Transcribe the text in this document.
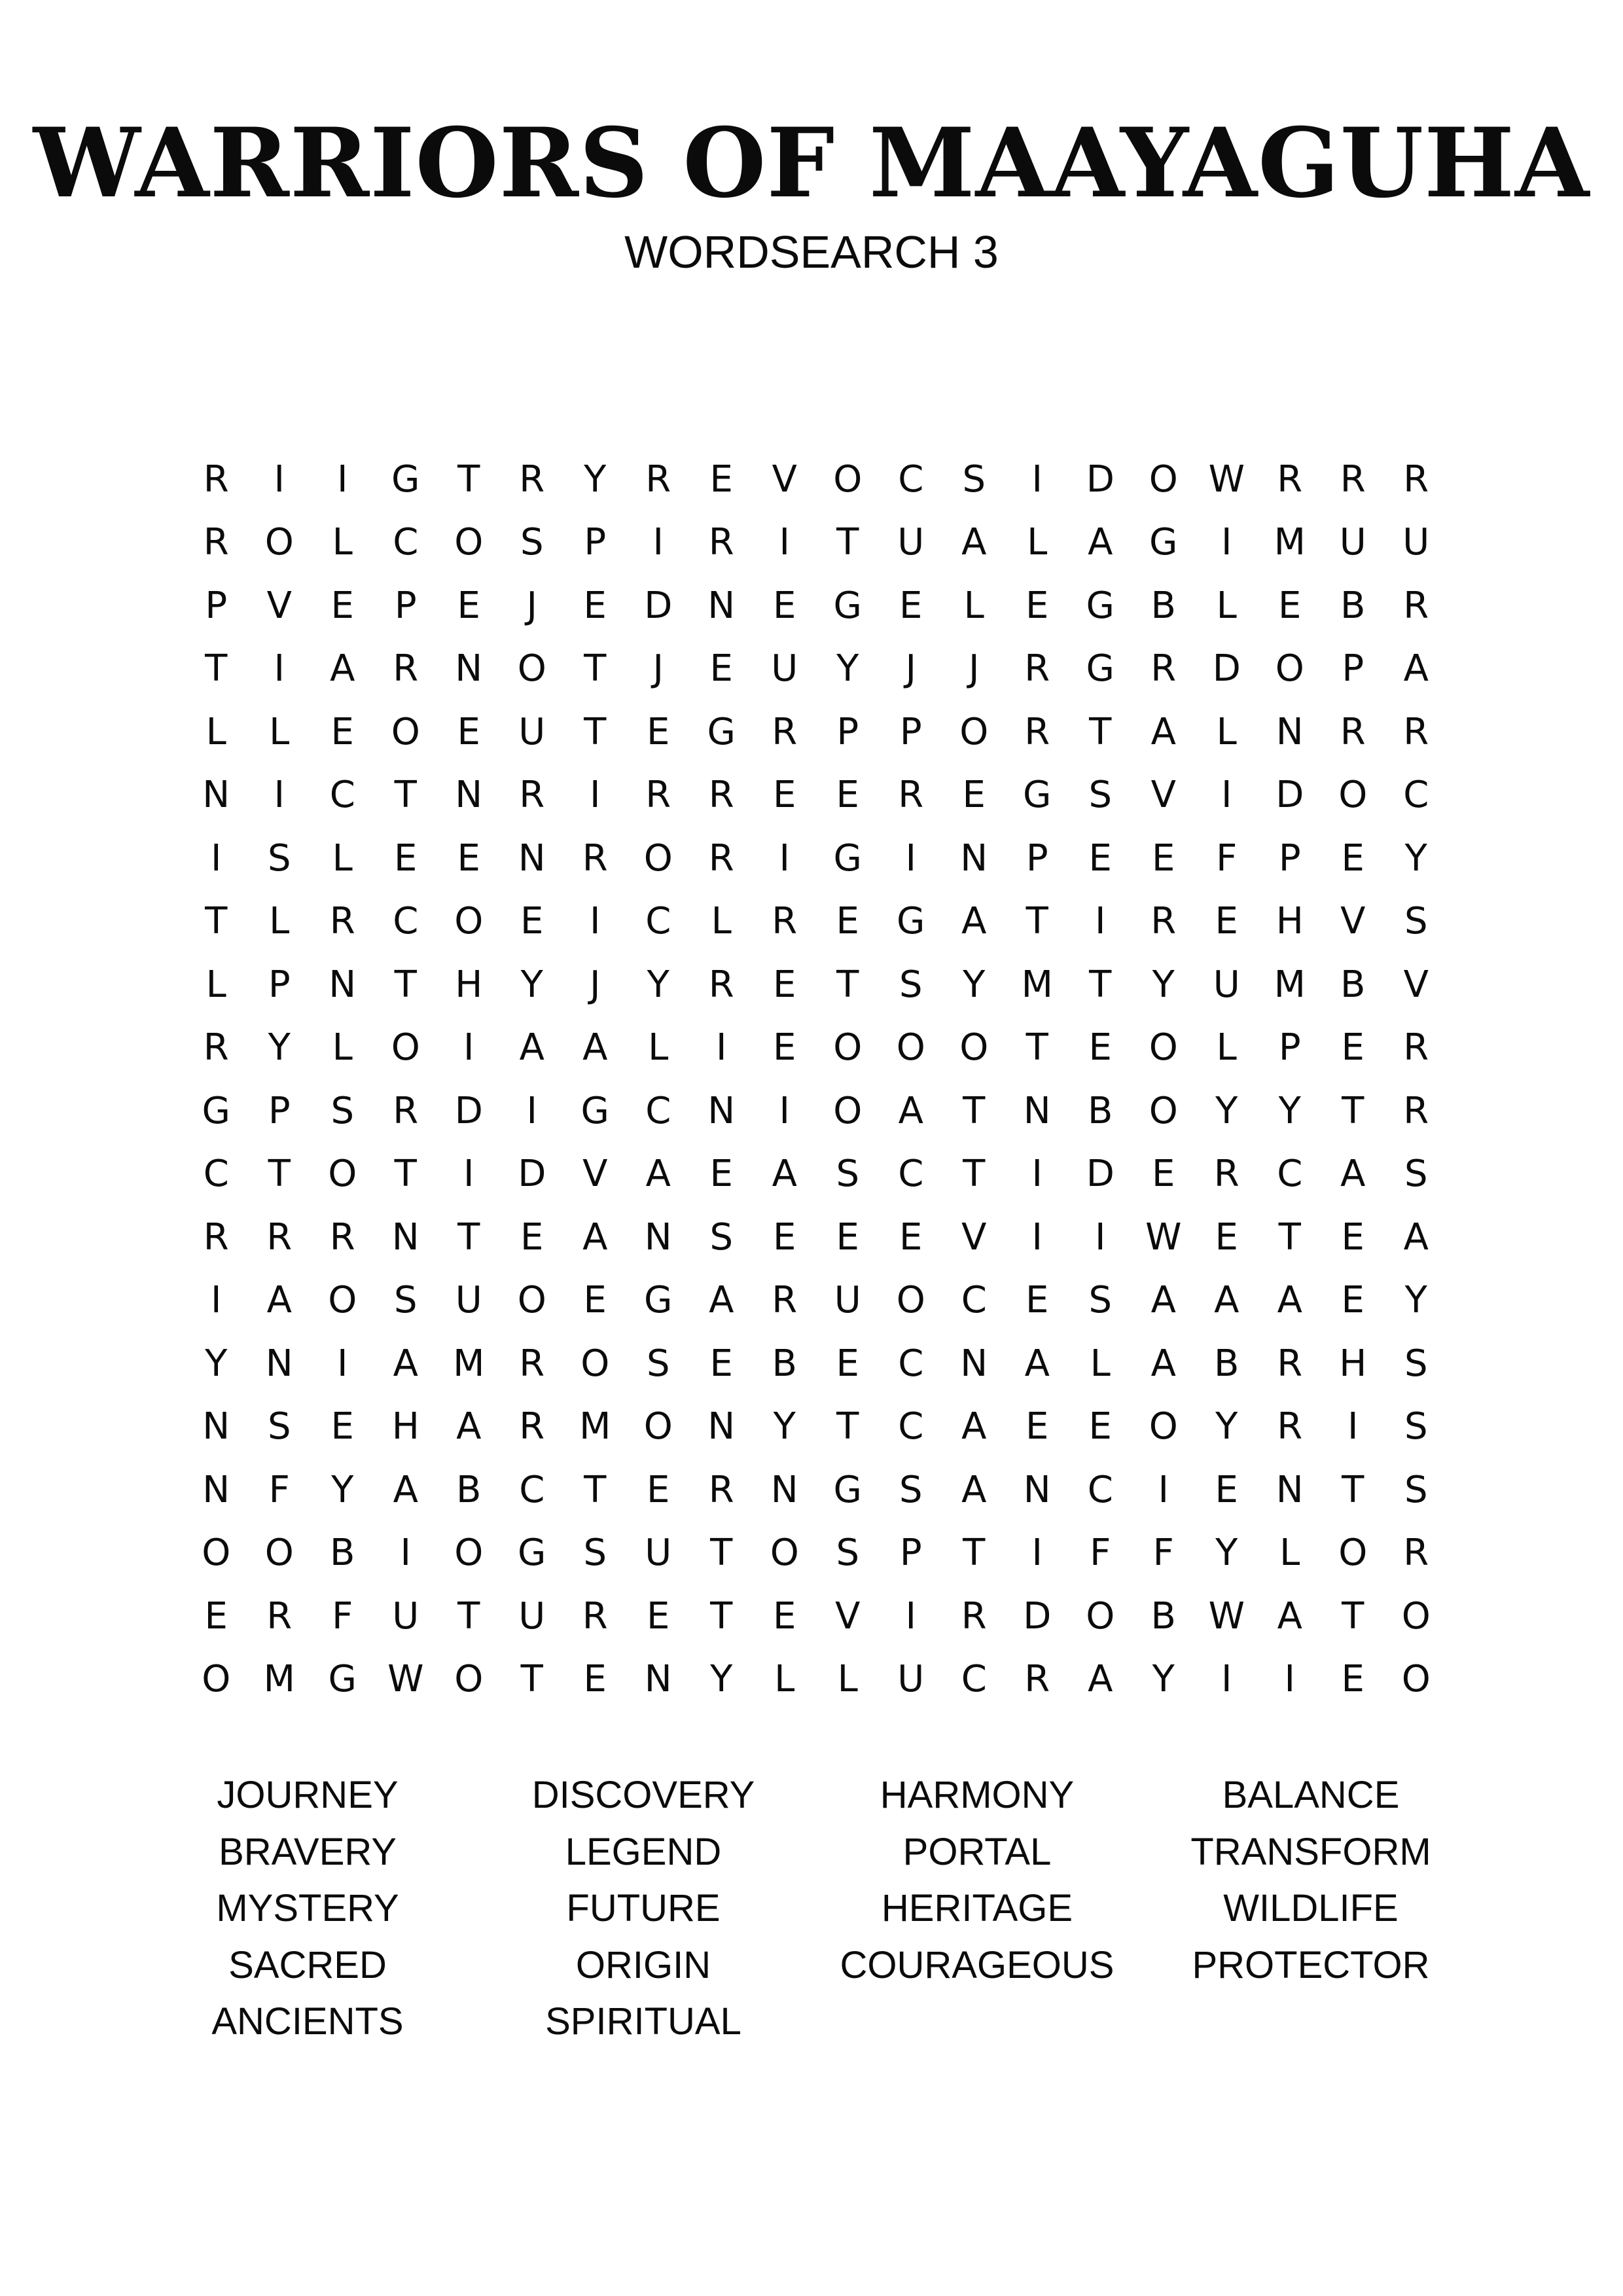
WARRIORS OF MAAYAGUHA
WORDSEARCH 3
R	I	I	G	T	R	Y	R	E	V O C	S	I	D O W R	R	R
R O	L	C O	S	P	I	R	I	T	U	A	L	A G	I	M U U
P	V	E	P	E	J	E	D N	E	G	E	L	E	G B	L	E	B	R
T	I	A	R	N O	T	J	E	U	Y	J	J	R G R D O	P	A
L	L	E	O	E	U	T	E	G R	P	P	O R	T	A	L	N	R	R
N	I	C	T	N	R	I	R	R	E	E	R	E	G	S	V	I	D O C
I	S	L	E	E	N	R O R	I	G	I	N	P	E	E	F	P	E	Y
T	L	R	C O	E	I	C	L	R	E	G A	T	I	R	E	H	V	S
L	P	N	T	H	Y	J	Y	R	E	T	S	Y M T	Y	U M B	V
R	Y	L	O	I	A	A	L	I	E	O O O	T	E	O	L	P	E	R
G	P	S	R D	I	G C	N	I	O A	T	N	B O	Y	Y	T	R
C	T	O	T	I	D V	A	E	A	S	C	T	I	D	E	R	C	A	S
R	R	R	N	T	E	A	N	S	E	E	E	V	I	I	W E	T	E	A
I	A O	S	U O	E	G A	R	U O C	E	S	A	A	A	E	Y
Y	N	I	A M R O	S	E	B	E	C	N	A	L	A	B	R H	S
N	S	E	H	A	R M O N	Y	T	C	A	E	E	O	Y	R	I	S
N	F	Y	A	B	C	T	E	R	N G	S	A	N	C	I	E	N	T	S
O O B	I	O G	S	U	T	O	S	P	T	I	F	F	Y	L	O R
E	R	F	U	T	U	R	E	T	E	V	I	R D O B W A	T	O
O M G W O	T	E	N	Y	L	L	U	C	R	A	Y	I	I	E	O
JOURNEY
BRAVERY
MYSTERY
SACRED
ANCIENTS
DISCOVERY
LEGEND
FUTURE
ORIGIN
SPIRITUAL
HARMONY
PORTAL
HERITAGE
COURAGEOUS
BALANCE
TRANSFORM
WILDLIFE
PROTECTOR
